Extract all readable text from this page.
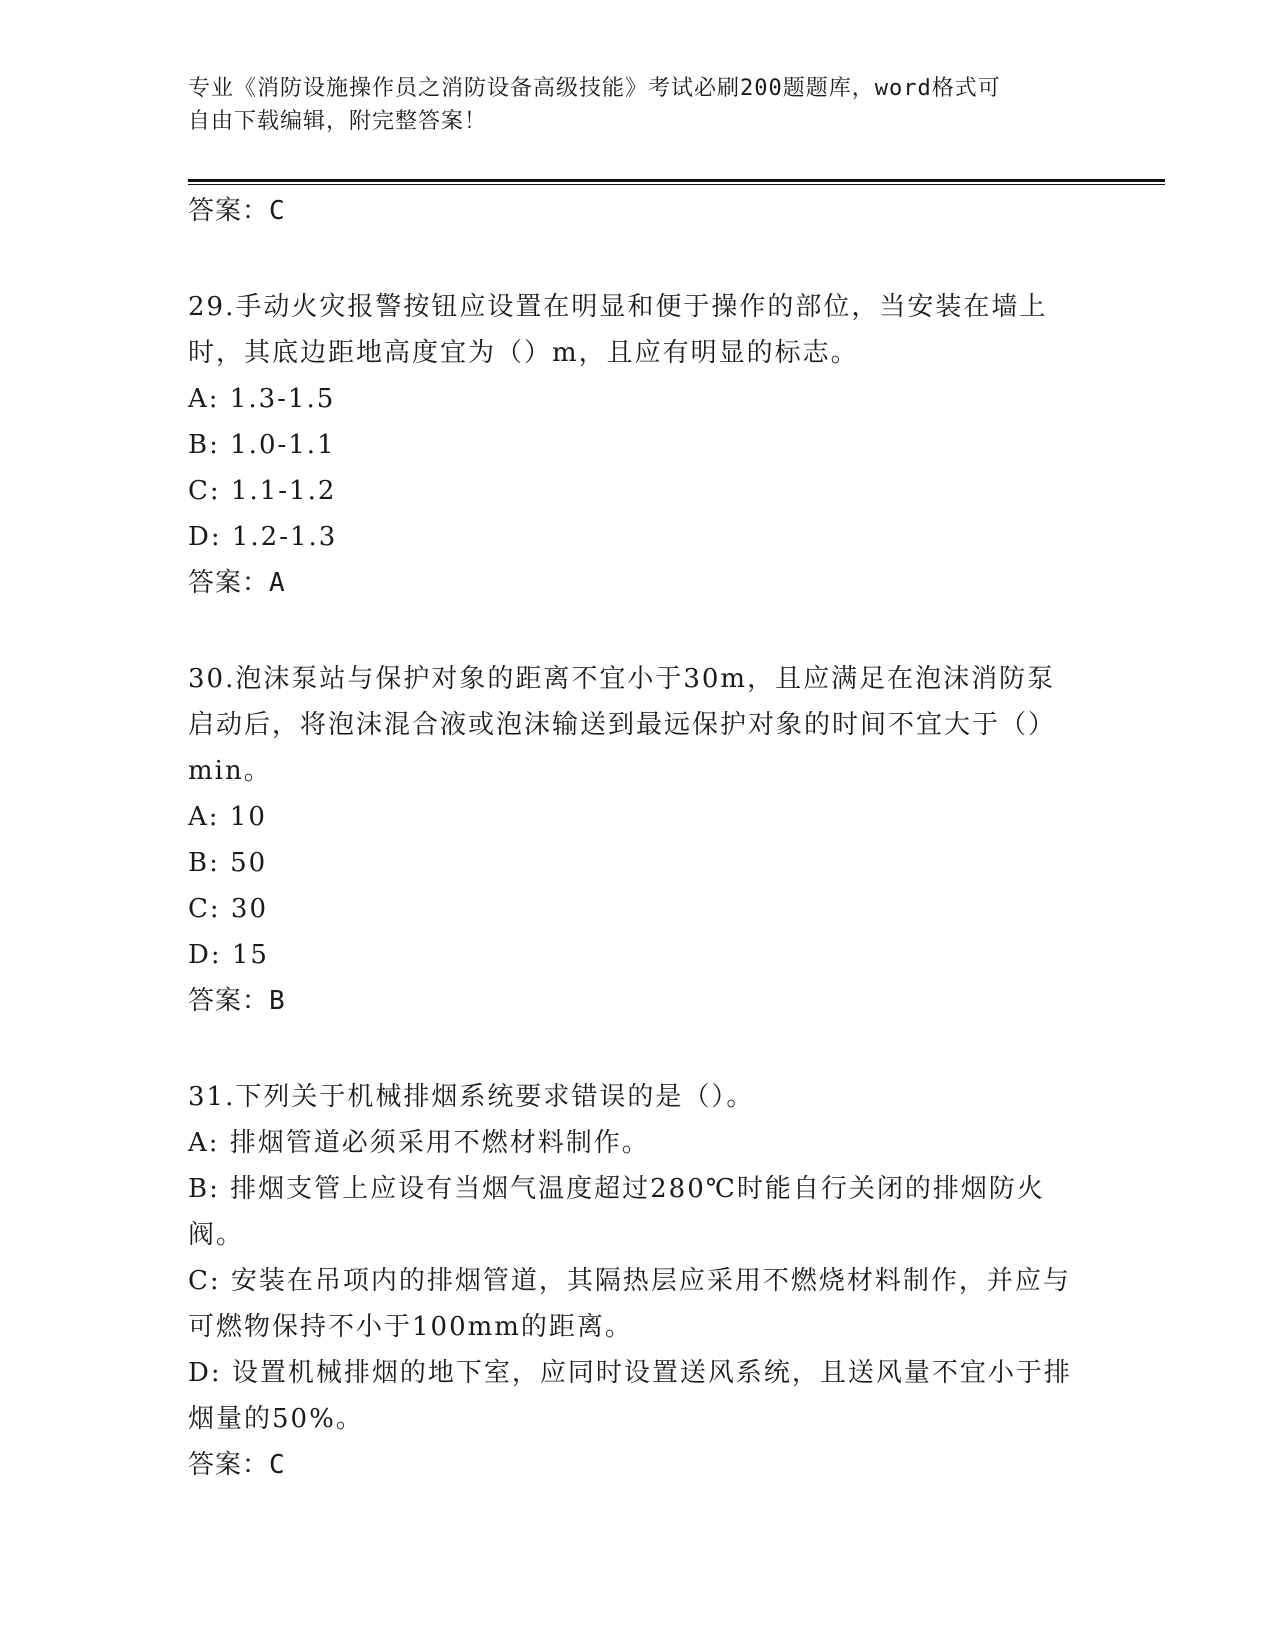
专业《消防设施操作员之消防设备高级技能》考试必刷200题题库，word格式可
自由下载编辑，附完整答案！
答案：C
29.手动火灾报警按钮应设置在明显和便于操作的部位，当安装在墙上时，其底边距地高度宜为（）m，且应有明显的标志。
A: 1.3-1.5
B: 1.0-1.1
C: 1.1-1.2
D: 1.2-1.3
答案：A
30.泡沫泵站与保护对象的距离不宜小于30m，且应满足在泡沫消防泵启动后，将泡沫混合液或泡沫输送到最远保护对象的时间不宜大于（）min。
A: 10
B: 50
C: 30
D: 15
答案：B
31.下列关于机械排烟系统要求错误的是（）。
A: 排烟管道必须采用不燃材料制作。
B: 排烟支管上应设有当烟气温度超过280℃时能自行关闭的排烟防火阀。
C: 安装在吊项内的排烟管道，其隔热层应采用不燃烧材料制作，并应与可燃物保持不小于100mm的距离。
D: 设置机械排烟的地下室，应同时设置送风系统，且送风量不宜小于排烟量的50%。
答案：C
